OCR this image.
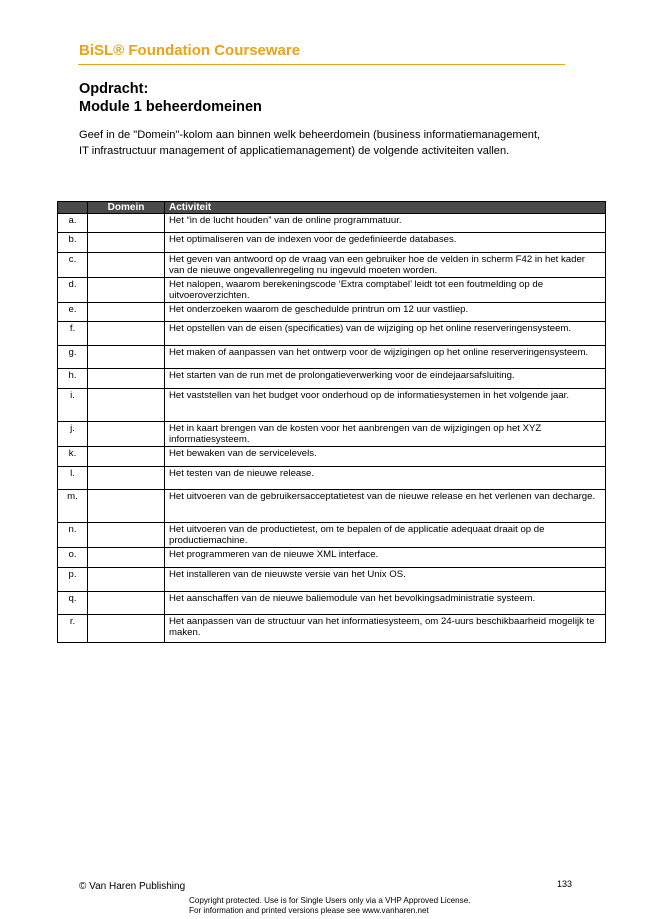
BiSL® Foundation Courseware
Opdracht:
Module 1 beheerdomeinen
Geef in de "Domein"-kolom aan binnen welk beheerdomein (business informatiemanagement, IT infrastructuur management of applicatiemanagement) de volgende activiteiten vallen.
	Domein	Activiteit
a.		Het “in de lucht houden” van de online programmatuur.
b.		Het optimaliseren van de indexen voor de gedefinieerde databases.
c.		Het geven van antwoord op de vraag van een gebruiker hoe de velden in scherm F42 in het kader van de nieuwe ongevallenregeling nu ingevuld moeten worden.
d.		Het nalopen, waarom berekeningscode ‘Extra comptabel’ leidt tot een foutmelding op de uitvoeroverzichten.
e.		Het onderzoeken waarom de geschedulde printrun om 12 uur vastliep.
f.		Het opstellen van de eisen (specificaties) van de wijziging op het online reserveringensysteem.
g.		Het maken of aanpassen van het ontwerp voor de wijzigingen op het online reserveringensysteem.
h.		Het starten van de run met de prolongatieverwerking voor de eindejaarsafsluiting.
i.		Het vaststellen van het budget voor onderhoud op de informatiesystemen in het volgende jaar.
j.		Het in kaart brengen van de kosten voor het aanbrengen van de wijzigingen op het XYZ informatiesysteem.
k.		Het bewaken van de servicelevels.
l.		Het testen van de nieuwe release.
m.		Het uitvoeren van de gebruikersacceptatietest van de nieuwe release en het verlenen van decharge.
n.		Het uitvoeren van de productietest, om te bepalen of de applicatie adequaat draait op de productiemachine.
o.		Het programmeren van de nieuwe XML interface.
p.		Het installeren van de nieuwste versie van het Unix OS.
q.		Het aanschaffen van de nieuwe baliemodule van het bevolkingsadministratie systeem.
r.		Het aanpassen van de structuur van het informatiesysteem, om 24-uurs beschikbaarheid mogelijk te maken.
© Van Haren Publishing	133
Copyright protected. Use is for Single Users only via a VHP Approved License.
For information and printed versions please see www.vanharen.net
